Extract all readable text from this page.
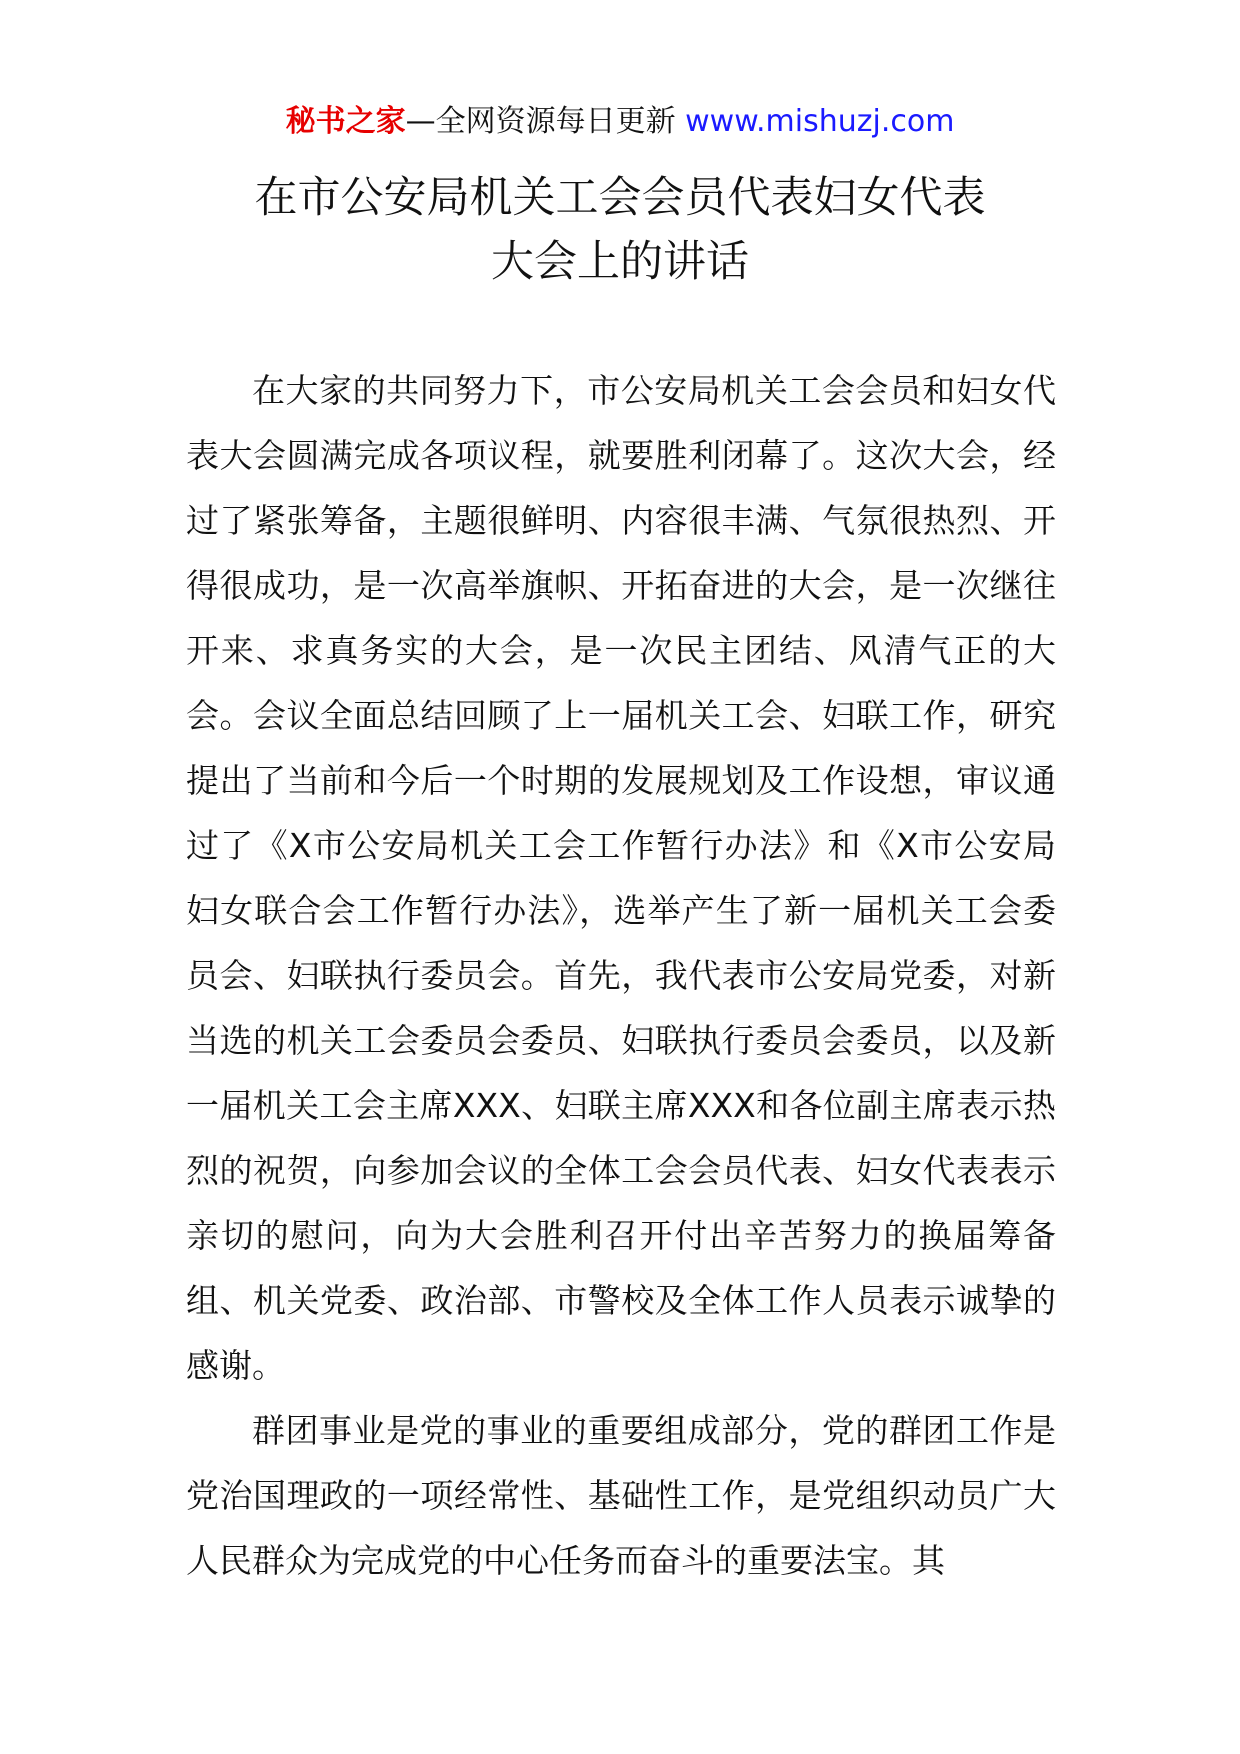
秘书之家—全网资源每日更新 www.mishuzj.com
在市公安局机关工会会员代表妇女代表
大会上的讲话

在大家的共同努力下，市公安局机关工会会员和妇女代表大会圆满完成各项议程，就要胜利闭幕了。这次大会，经过了紧张筹备，主题很鲜明、内容很丰满、气氛很热烈、开得很成功，是一次高举旗帜、开拓奋进的大会，是一次继往开来、求真务实的大会，是一次民主团结、风清气正的大会。会议全面总结回顾了上一届机关工会、妇联工作，研究提出了当前和今后一个时期的发展规划及工作设想，审议通过了《X市公安局机关工会工作暂行办法》和《X市公安局妇女联合会工作暂行办法》，选举产生了新一届机关工会委员会、妇联执行委员会。首先，我代表市公安局党委，对新当选的机关工会委员会委员、妇联执行委员会委员，以及新一届机关工会主席XXX、妇联主席XXX和各位副主席表示热烈的祝贺，向参加会议的全体工会会员代表、妇女代表表示亲切的慰问，向为大会胜利召开付出辛苦努力的换届筹备组、机关党委、政治部、市警校及全体工作人员表示诚挚的感谢。

群团事业是党的事业的重要组成部分，党的群团工作是党治国理政的一项经常性、基础性工作，是党组织动员广大人民群众为完成党的中心任务而奋斗的重要法宝。其
